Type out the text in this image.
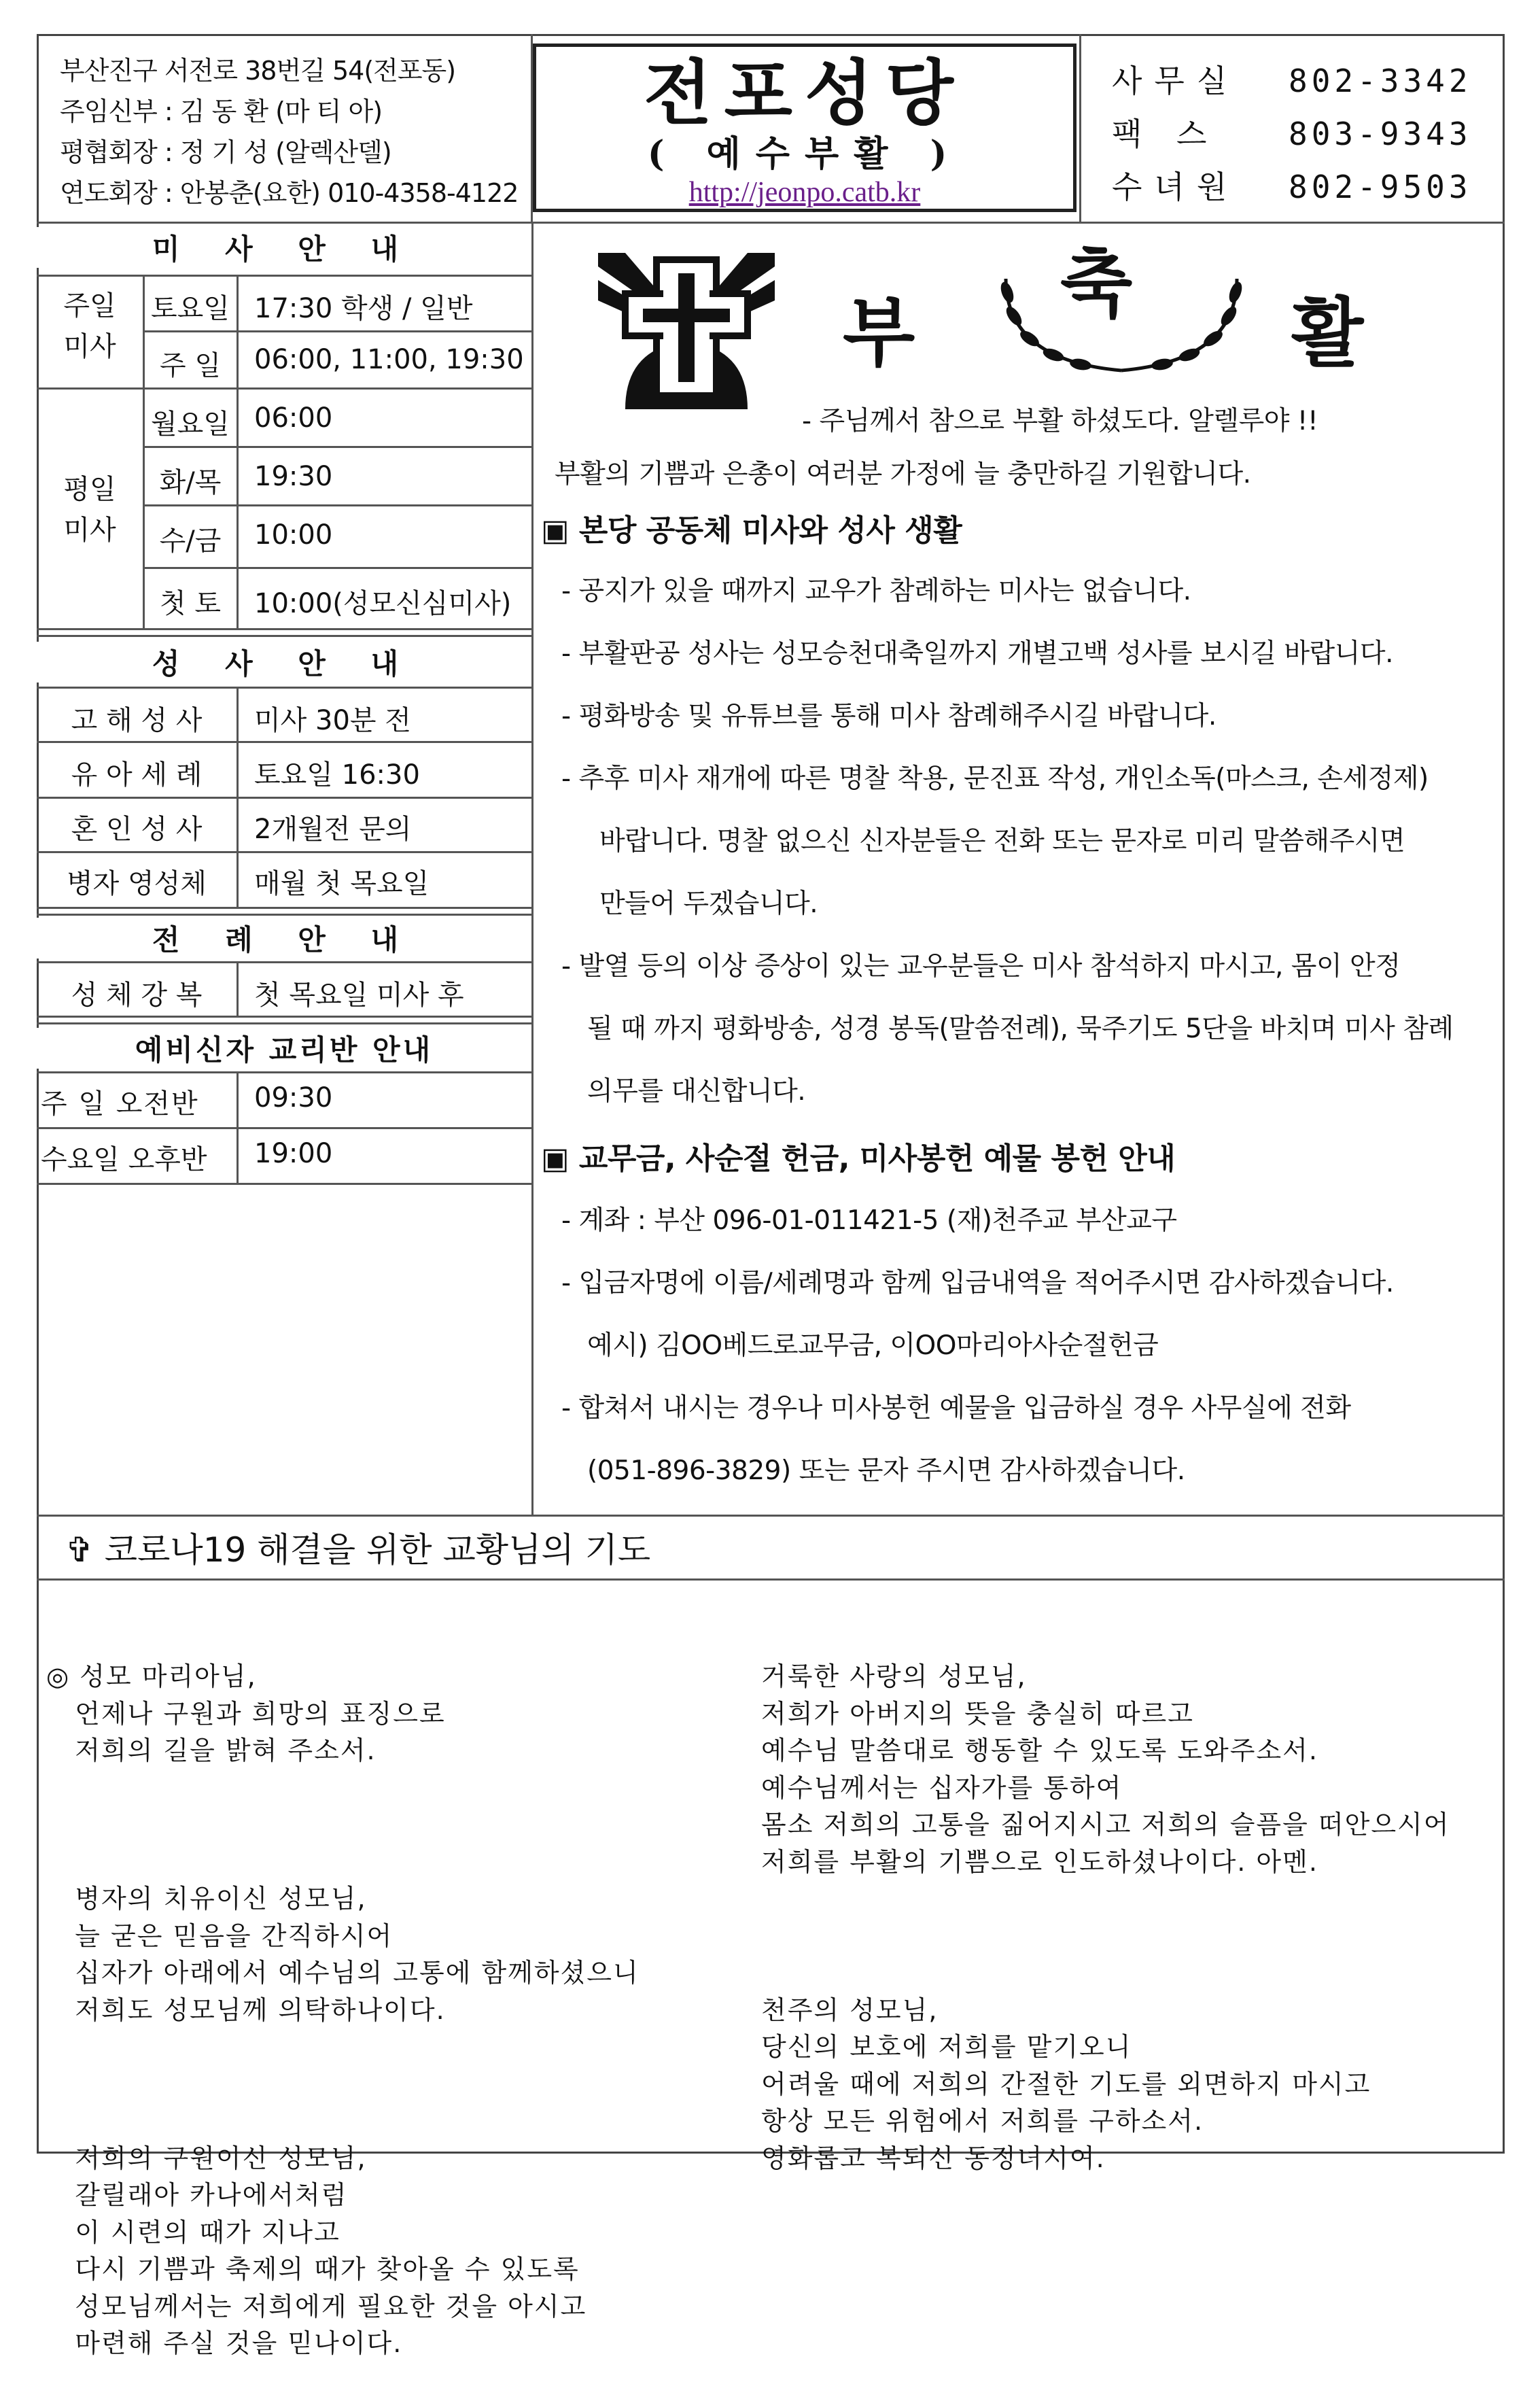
부산진구 서전로 38번길 54(전포동)
주임신부 : 김 동 환 (마 티 아)
평협회장 : 정 기 성 (알렉산델)
연도회장 : 안봉춘(요한) 010-4358-4122
전포성당
( 예수부활 )
http://jeonpo.catb.kr
사무실	802-3342
팩 스	803-9343
수녀원	802-9503
미 사 안 내
주일
미사
토요일 17:30 학생 / 일반
주 일	06:00, 11:00, 19:30
평일
미사
월요일 06:00
화/목	19:30
수/금	10:00
첫 토	10:00(성모신심미사)
성 사 안 내
고 해 성 사	미사 30분 전
유 아 세 례	토요일 16:30
혼 인 성 사	2개월전 문의
병자 영성체	매월 첫 목요일
전 례 안 내
성 체 강 복	첫 목요일 미사 후
예비신자 교리반 안내
주 일 오전반	09:30
수요일 오후반	19:00
부
축
활
- 주님께서 참으로 부활 하셨도다. 알렐루야 !!
부활의 기쁨과 은총이 여러분 가정에 늘 충만하길 기원합니다.
▣ 본당 공동체 미사와 성사 생활
- 공지가 있을 때까지 교우가 참례하는 미사는 없습니다.
- 부활판공 성사는 성모승천대축일까지 개별고백 성사를 보시길 바랍니다.
- 평화방송 및 유튜브를 통해 미사 참례해주시길 바랍니다.
- 추후 미사 재개에 따른 명찰 착용, 문진표 작성, 개인소독(마스크, 손세정제)
바랍니다. 명찰 없으신 신자분들은 전화 또는 문자로 미리 말씀해주시면
만들어 두겠습니다.
- 발열 등의 이상 증상이 있는 교우분들은 미사 참석하지 마시고, 몸이 안정
될 때 까지 평화방송, 성경 봉독(말씀전례), 묵주기도 5단을 바치며 미사 참례
의무를 대신합니다.
▣ 교무금, 사순절 헌금, 미사봉헌 예물 봉헌 안내
- 계좌 : 부산 096-01-011421-5 (재)천주교 부산교구
- 입금자명에 이름/세례명과 함께 입금내역을 적어주시면 감사하겠습니다.
예시) 김OO베드로교무금, 이OO마리아사순절헌금
- 합쳐서 내시는 경우나 미사봉헌 예물을 입금하실 경우 사무실에 전화
(051-896-3829) 또는 문자 주시면 감사하겠습니다.
✞ 코로나19 해결을 위한 교황님의 기도

◎ 성모 마리아님,
언제나 구원과 희망의 표징으로
저희의 길을 밝혀 주소서.

병자의 치유이신 성모님,
늘 굳은 믿음을 간직하시어
십자가 아래에서 예수님의 고통에 함께하셨으니
저희도 성모님께 의탁하나이다.

저희의 구원이신 성모님,
갈릴래아 카나에서처럼
이 시련의 때가 지나고
다시 기쁨과 축제의 때가 찾아올 수 있도록
성모님께서는 저희에게 필요한 것을 아시고
마련해 주실 것을 믿나이다.

거룩한 사랑의 성모님,
저희가 아버지의 뜻을 충실히 따르고
예수님 말씀대로 행동할 수 있도록 도와주소서.
예수님께서는 십자가를 통하여
몸소 저희의 고통을 짊어지시고 저희의 슬픔을 떠안으시어
저희를 부활의 기쁨으로 인도하셨나이다. 아멘.

천주의 성모님,
당신의 보호에 저희를 맡기오니
어려울 때에 저희의 간절한 기도를 외면하지 마시고
항상 모든 위험에서 저희를 구하소서.
영화롭고 복되신 동정녀시여.
